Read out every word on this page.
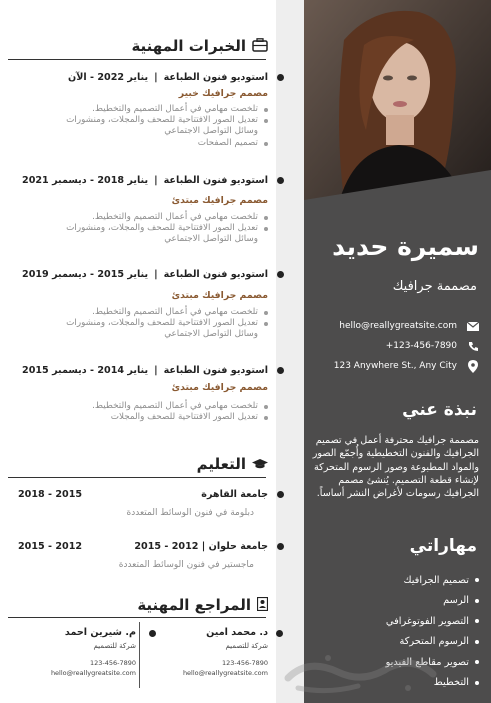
سميرة حديد
مصممة جرافيك
hello@reallygreatsite.com
+123-456-7890
123 Anywhere St., Any City
نبذة عني
مصممة جرافيك محترفة أعمل في تصميم الجرافيك والفنون التخطيطية وأُجمّع الصور والمواد المطبوعة وصور الرسوم المتحركة لإنشاء قطعة التصميم. يُنشئ مصمم الجرافيك رسومات لأغراض النشر أساساً.
مهاراتي
تصميم الجرافيك
الرسم
التصوير الفوتوغرافي
الرسوم المتحركة
تصوير مقاطع الفيديو
التخطيط
الخبرات المهنية
استوديو فنون الطباعة|يناير 2022 - الآن
مصمم جرافيك خبير
تلخصت مهامي في أعمال التصميم والتخطيط.
تعديل الصور الافتتاحية للصحف والمجلات، ومنشورات وسائل التواصل الاجتماعي
تصميم الصفحات
استوديو فنون الطباعة|يناير 2018 - ديسمبر 2021
مصمم جرافيك مبتدئ
تلخصت مهامي في أعمال التصميم والتخطيط.
تعديل الصور الافتتاحية للصحف والمجلات، ومنشورات وسائل التواصل الاجتماعي
استوديو فنون الطباعة|يناير 2015 - ديسمبر 2019
مصمم جرافيك مبتدئ
تلخصت مهامي في أعمال التصميم والتخطيط.
تعديل الصور الافتتاحية للصحف والمجلات، ومنشورات وسائل التواصل الاجتماعي
استوديو فنون الطباعة|يناير 2014 - ديسمبر 2015
مصمم جرافيك مبتدئ
تلخصت مهامي في أعمال التصميم والتخطيط.
تعديل الصور الافتتاحية للصحف والمجلات
التعليم
جامعة القاهرة
2015 - 2018
دبلومة في فنون الوسائط المتعددة
جامعة حلوان | 2012 - 2015
2012 - 2015
ماجستير في فنون الوسائط المتعددة
المراجع المهنية
د. محمد امين
شركة للتصميم
123-456-7890
hello@reallygreatsite.com
م. شيرين احمد
شركة للتصميم
123-456-7890
hello@reallygreatsite.com
